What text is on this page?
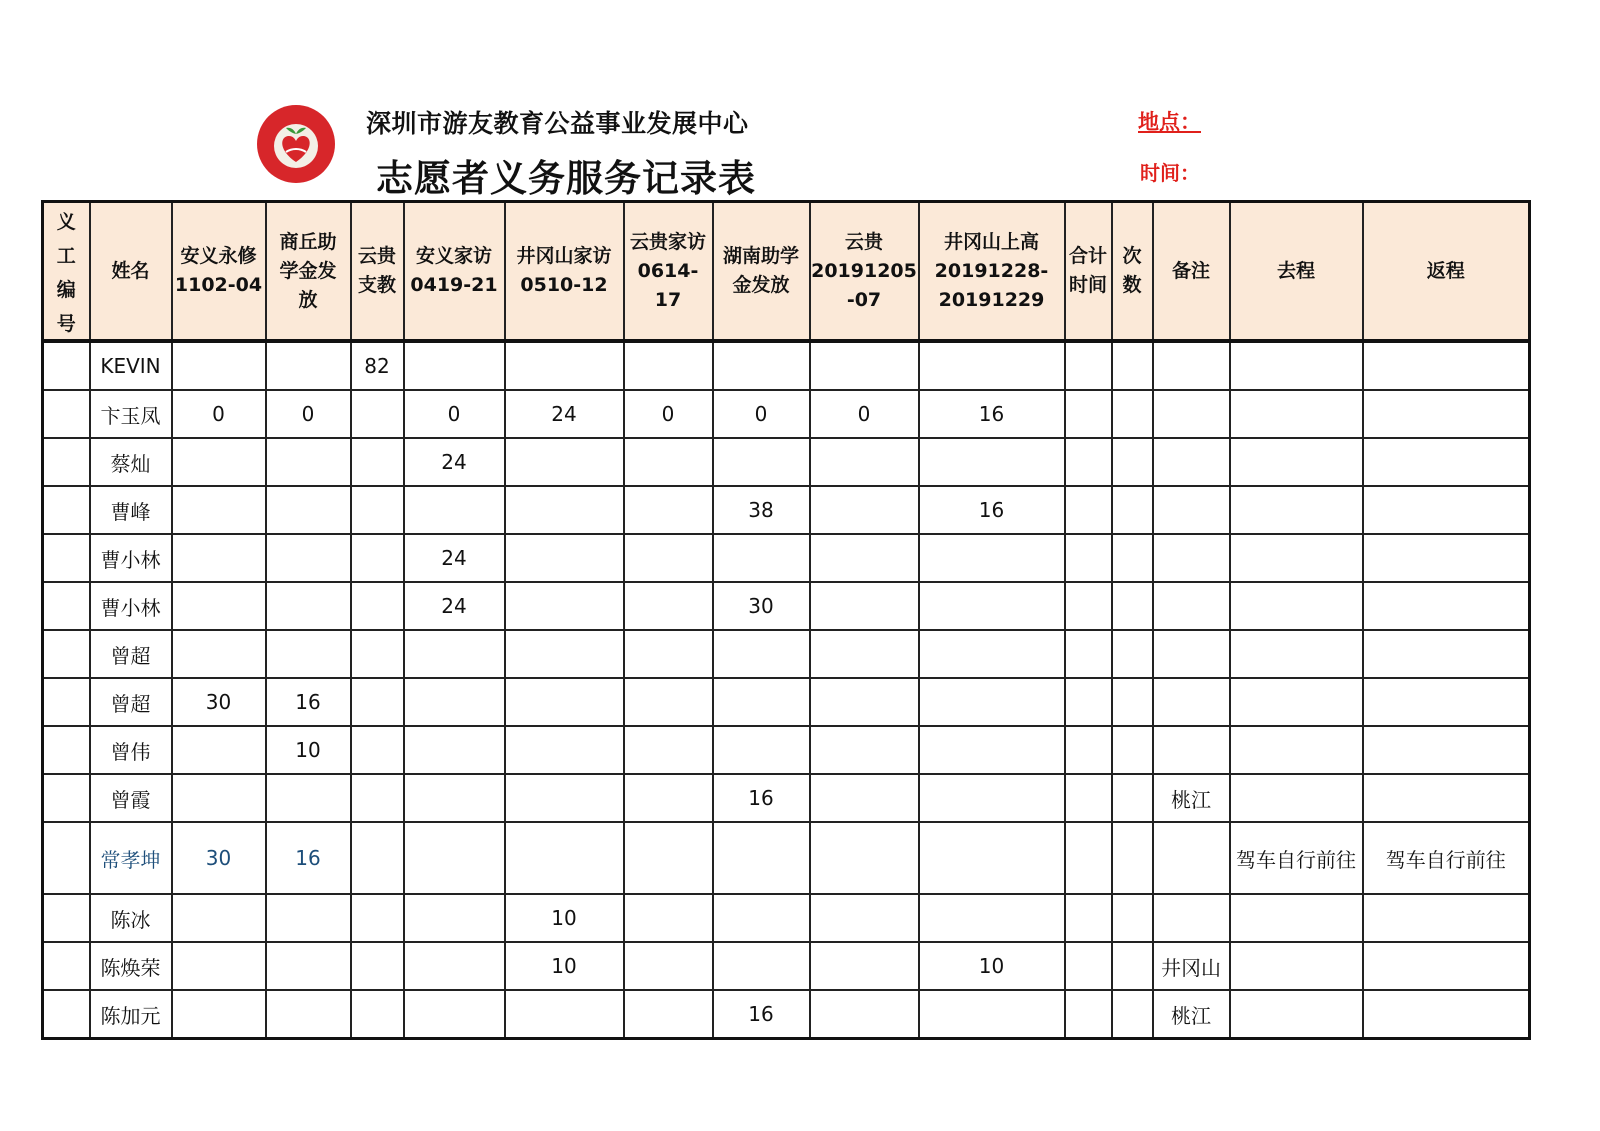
深圳市游友教育公益事业发展中心
志愿者义务服务记录表
地点：
时间：
义
工
编
号	姓名	安义永修
1102-04	商丘助
学金发
放	云贵
支教	安义家访
0419-21	井冈山家访
0510-12	云贵家访
0614-
17	湖南助学
金发放	云贵
20191205
-07	井冈山上高
20191228-
20191229	合计
时间	次
数	备注	去程	返程
	KEVIN			82											
	卞玉凤	0	0		0	24	0	0	0	16					
	蔡灿				24										
	曹峰							38		16					
	曹小林				24										
	曹小林				24			30							
	曾超														
	曾超	30	16												
	曾伟		10												
	曾霞							16					桃江		
	常孝坤	30	16											驾车自行前往	驾车自行前往
	陈冰					10									
	陈焕荣					10				10			井冈山		
	陈加元							16					桃江		
